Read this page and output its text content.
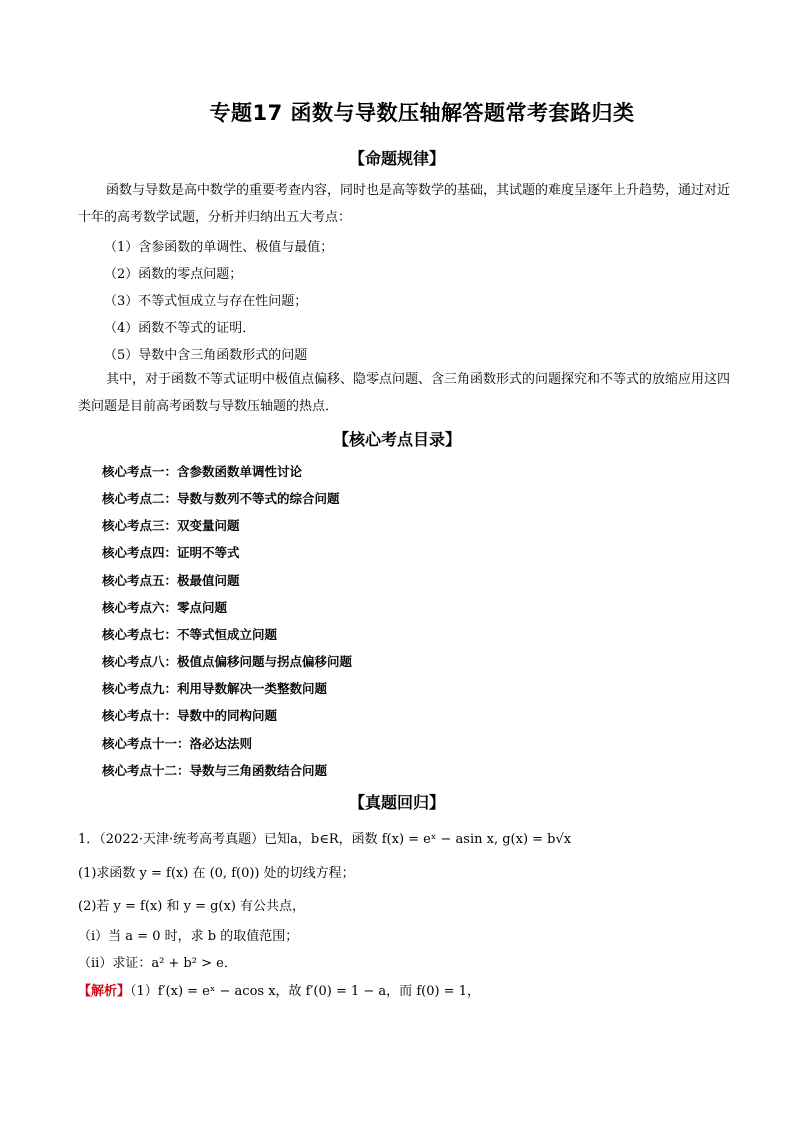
专题17 函数与导数压轴解答题常考套路归类
【命题规律】
函数与导数是高中数学的重要考查内容，同时也是高等数学的基础，其试题的难度呈逐年上升趋势，通过对近十年的高考数学试题，分析并归纳出五大考点：
（1）含参函数的单调性、极值与最值；
（2）函数的零点问题；
（3）不等式恒成立与存在性问题；
（4）函数不等式的证明．
（5）导数中含三角函数形式的问题
其中，对于函数不等式证明中极值点偏移、隐零点问题、含三角函数形式的问题探究和不等式的放缩应用这四类问题是目前高考函数与导数压轴题的热点．
【核心考点目录】
核心考点一：含参数函数单调性讨论
核心考点二：导数与数列不等式的综合问题
核心考点三：双变量问题
核心考点四：证明不等式
核心考点五：极最值问题
核心考点六：零点问题
核心考点七：不等式恒成立问题
核心考点八：极值点偏移问题与拐点偏移问题
核心考点九：利用导数解决一类整数问题
核心考点十：导数中的同构问题
核心考点十一：洛必达法则
核心考点十二：导数与三角函数结合问题
【真题回归】
1．（2022·天津·统考高考真题）已知a，b∈R，函数 f(x) = eˣ − asin x, g(x) = b√x
(1)求函数 y = f(x) 在 (0, f(0)) 处的切线方程；
(2)若 y = f(x) 和 y = g(x) 有公共点，
（i）当 a = 0 时，求 b 的取值范围；
（ii）求证：a² + b² > e．
【解析】（1）f′(x) = eˣ − acos x，故 f′(0) = 1 − a，而 f(0) = 1，
